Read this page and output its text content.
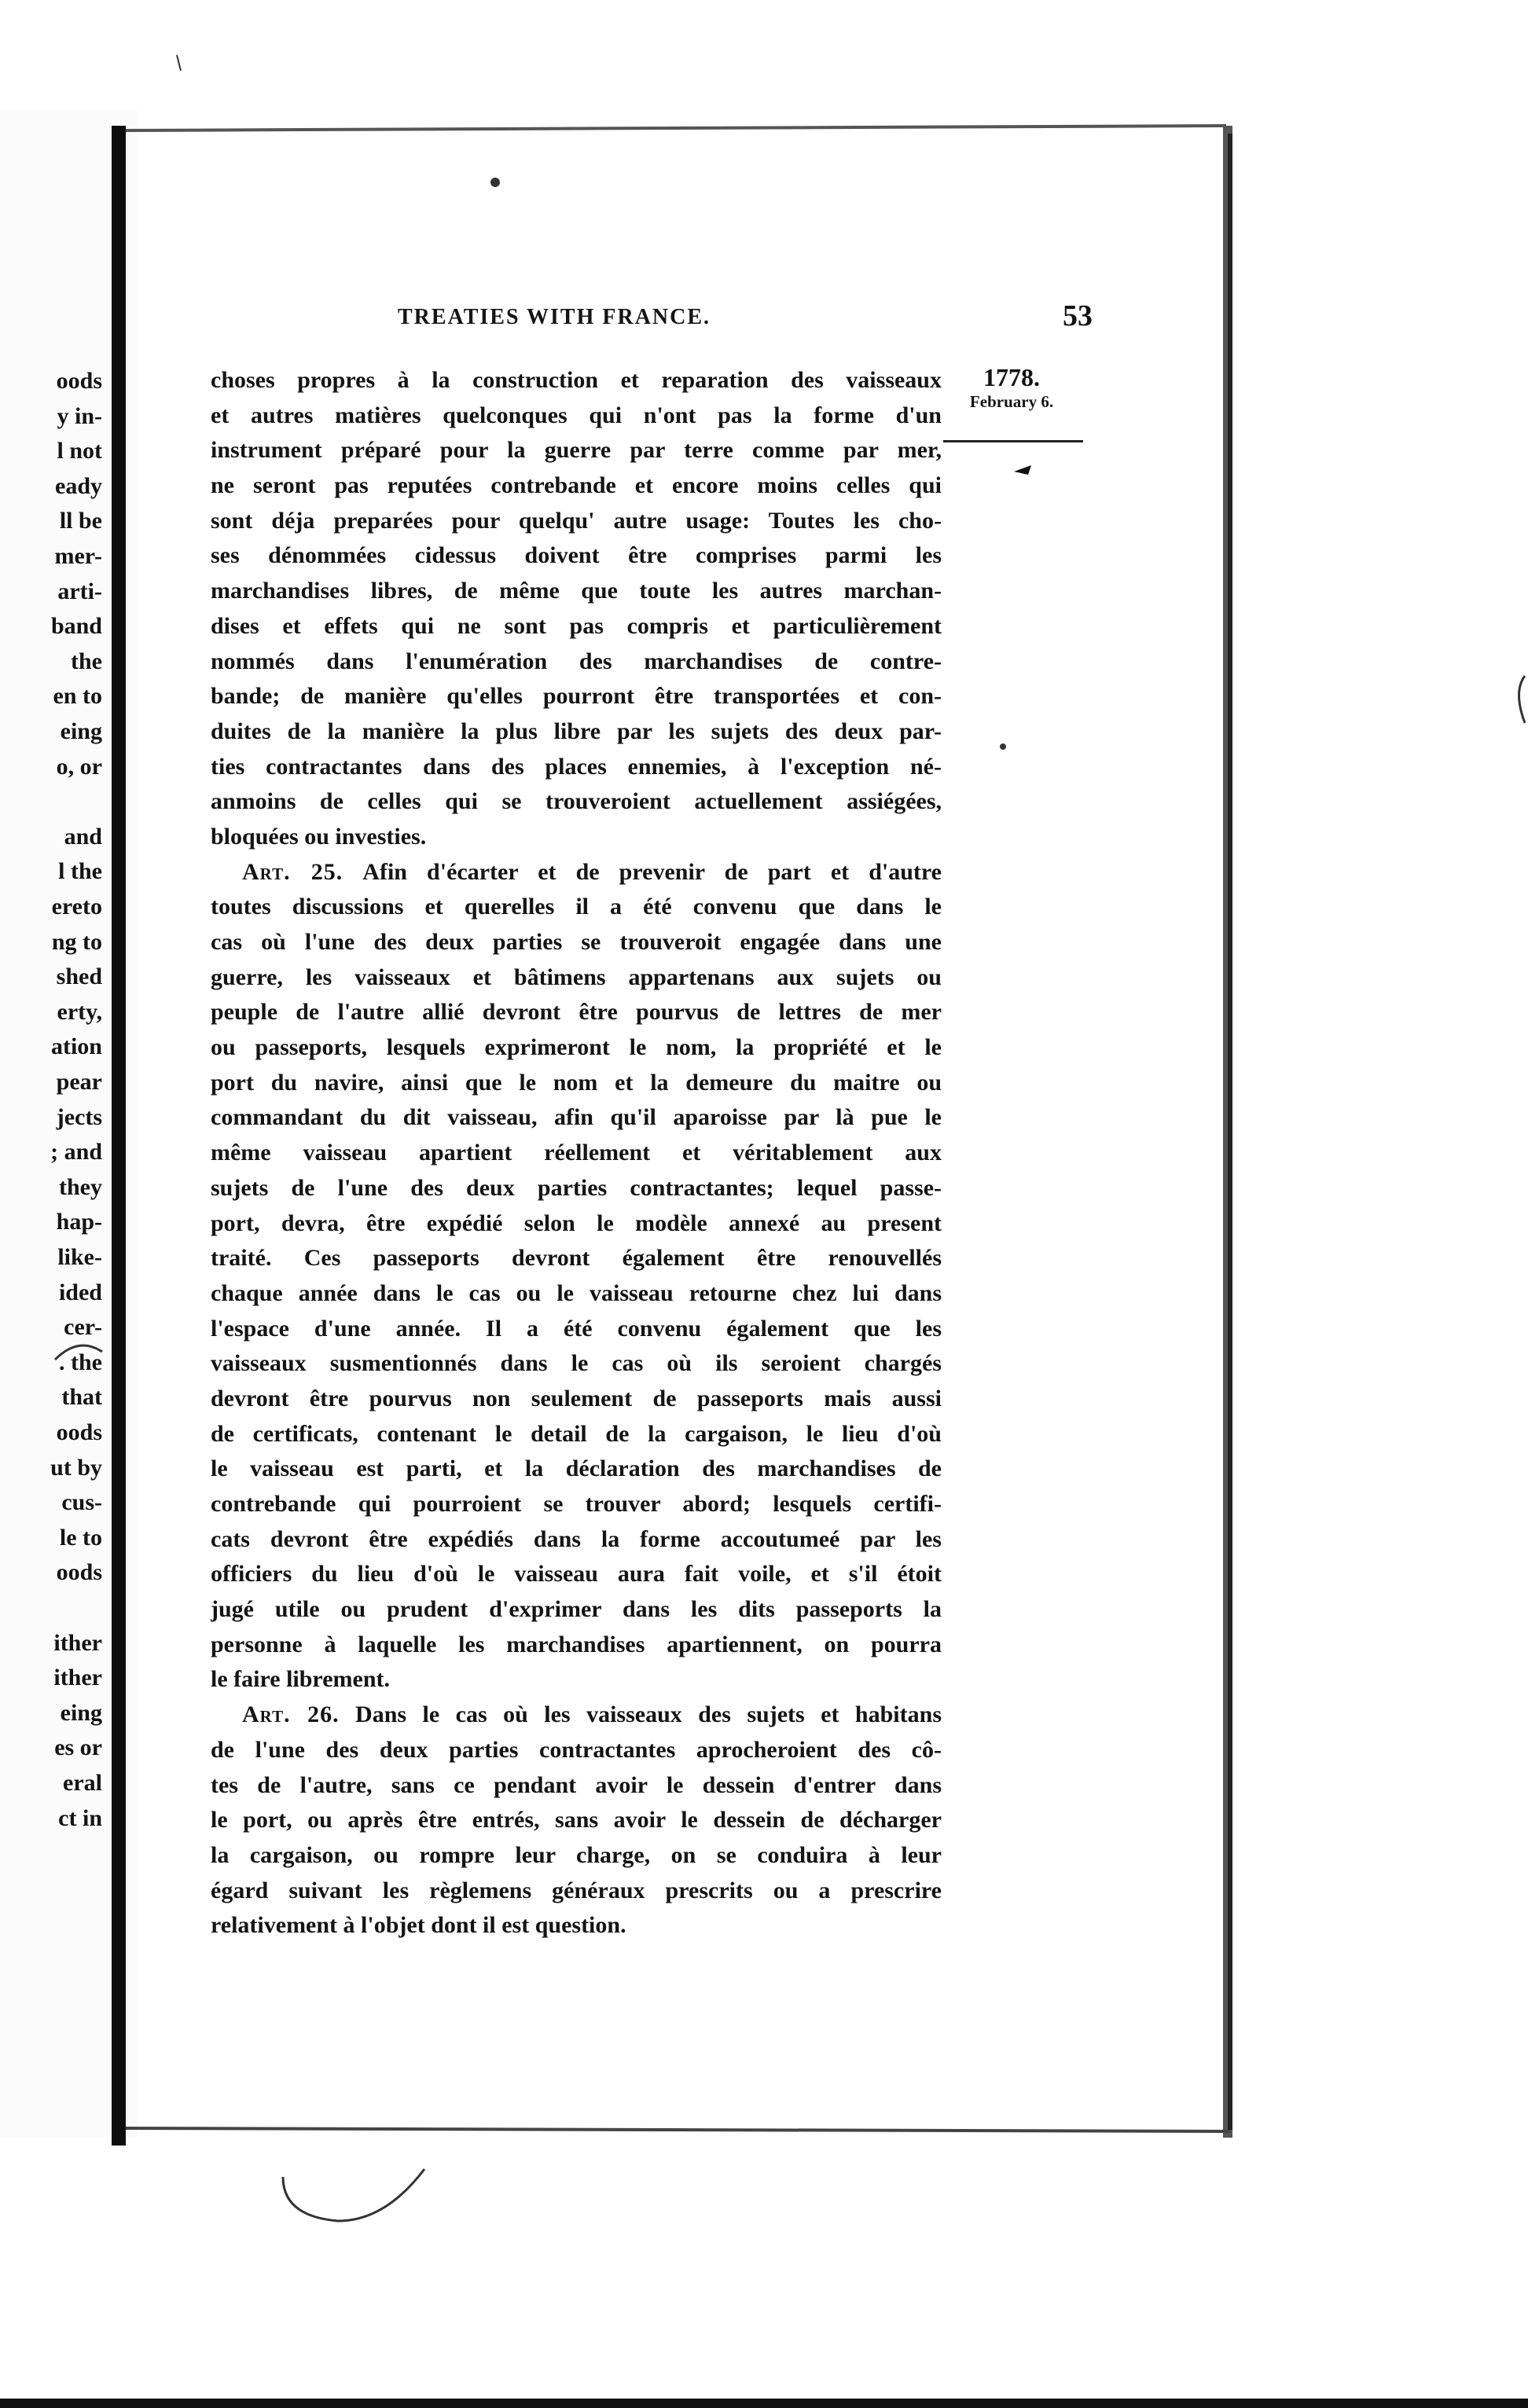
oods
y in-
l not
eady
ll be
mer-
arti-
band
the
en to
eing
o, or
and
l the
ereto
ng to
shed
erty,
ation
pear
jects
; and
they
hap-
like-
ided
cer-
. the
that
oods
ut by
cus-
le to
oods
ither
ither
eing
es or
eral
ct in
TREATIES WITH FRANCE.	53
1778.
February 6.
choses propres à la construction et reparation des vaisseaux
et autres matières quelconques qui n'ont pas la forme d'un
instrument préparé pour la guerre par terre comme par mer,
ne seront pas reputées contrebande et encore moins celles qui
sont déja preparées pour quelqu' autre usage: Toutes les cho-
ses dénommées cidessus doivent être comprises parmi les
marchandises libres, de même que toute les autres marchan-
dises et effets qui ne sont pas compris et particulièrement
nommés dans l'enumération des marchandises de contre-
bande; de manière qu'elles pourront être transportées et con-
duites de la manière la plus libre par les sujets des deux par-
ties contractantes dans des places ennemies, à l'exception né-
anmoins de celles qui se trouveroient actuellement assiégées,
bloquées ou investies.
Art. 25. Afin d'écarter et de prevenir de part et d'autre
toutes discussions et querelles il a été convenu que dans le
cas où l'une des deux parties se trouveroit engagée dans une
guerre, les vaisseaux et bâtimens appartenans aux sujets ou
peuple de l'autre allié devront être pourvus de lettres de mer
ou passeports, lesquels exprimeront le nom, la propriété et le
port du navire, ainsi que le nom et la demeure du maitre ou
commandant du dit vaisseau, afin qu'il aparoisse par là pue le
même vaisseau apartient réellement et véritablement aux
sujets de l'une des deux parties contractantes; lequel passe-
port, devra, être expédié selon le modèle annexé au present
traité. Ces passeports devront également être renouvellés
chaque année dans le cas ou le vaisseau retourne chez lui dans
l'espace d'une année. Il a été convenu également que les
vaisseaux susmentionnés dans le cas où ils seroient chargés
devront être pourvus non seulement de passeports mais aussi
de certificats, contenant le detail de la cargaison, le lieu d'où
le vaisseau est parti, et la déclaration des marchandises de
contrebande qui pourroient se trouver abord; lesquels certifi-
cats devront être expédiés dans la forme accoutumeé par les
officiers du lieu d'où le vaisseau aura fait voile, et s'il étoit
jugé utile ou prudent d'exprimer dans les dits passeports la
personne à laquelle les marchandises apartiennent, on pourra
le faire librement.
Art. 26. Dans le cas où les vaisseaux des sujets et habitans
de l'une des deux parties contractantes aprocheroient des cô-
tes de l'autre, sans ce pendant avoir le dessein d'entrer dans
le port, ou après être entrés, sans avoir le dessein de décharger
la cargaison, ou rompre leur charge, on se conduira à leur
égard suivant les règlemens généraux prescrits ou a prescrire
relativement à l'objet dont il est question.
